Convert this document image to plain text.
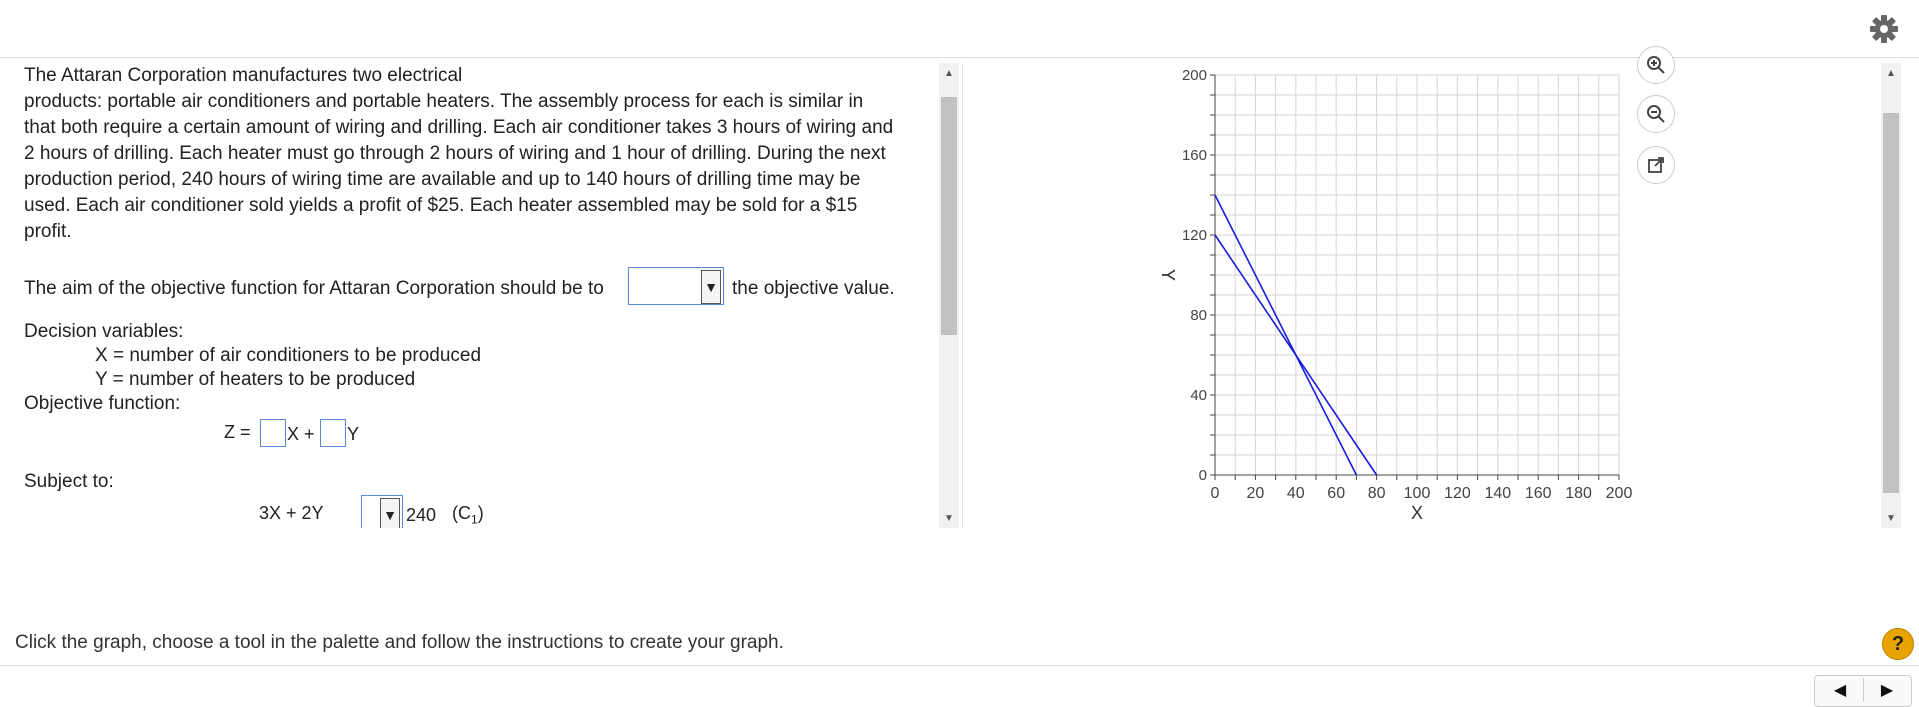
The Attaran Corporation manufactures two electrical
products: portable air conditioners and portable heaters. The assembly process for each is similar in
that both require a certain amount of wiring and drilling. Each air conditioner takes 3 hours of wiring and
2 hours of drilling. Each heater must go through 2 hours of wiring and 1 hour of drilling. During the next
production period, 240 hours of wiring time are available and up to 140 hours of drilling time may be
used. Each air conditioner sold yields a profit of $25. Each heater assembled may be sold for a $15
profit.

The aim of the objective function for Attaran Corporation should be to	▼ the objective value.
Decision variables:
X = number of air conditioners to be produced
Y = number of heaters to be produced
Objective function:
Z = X + Y
Subject to:
3X + 2Y	▼ 240 $(C_1)$
▲
▼
0 20 40 60 80 100 120 140 160 180 200
0
40
80
120
160
200
X
Y
▲
▼
Click the graph, choose a tool in the palette and follow the instructions to create your graph.	?
◀	▶
